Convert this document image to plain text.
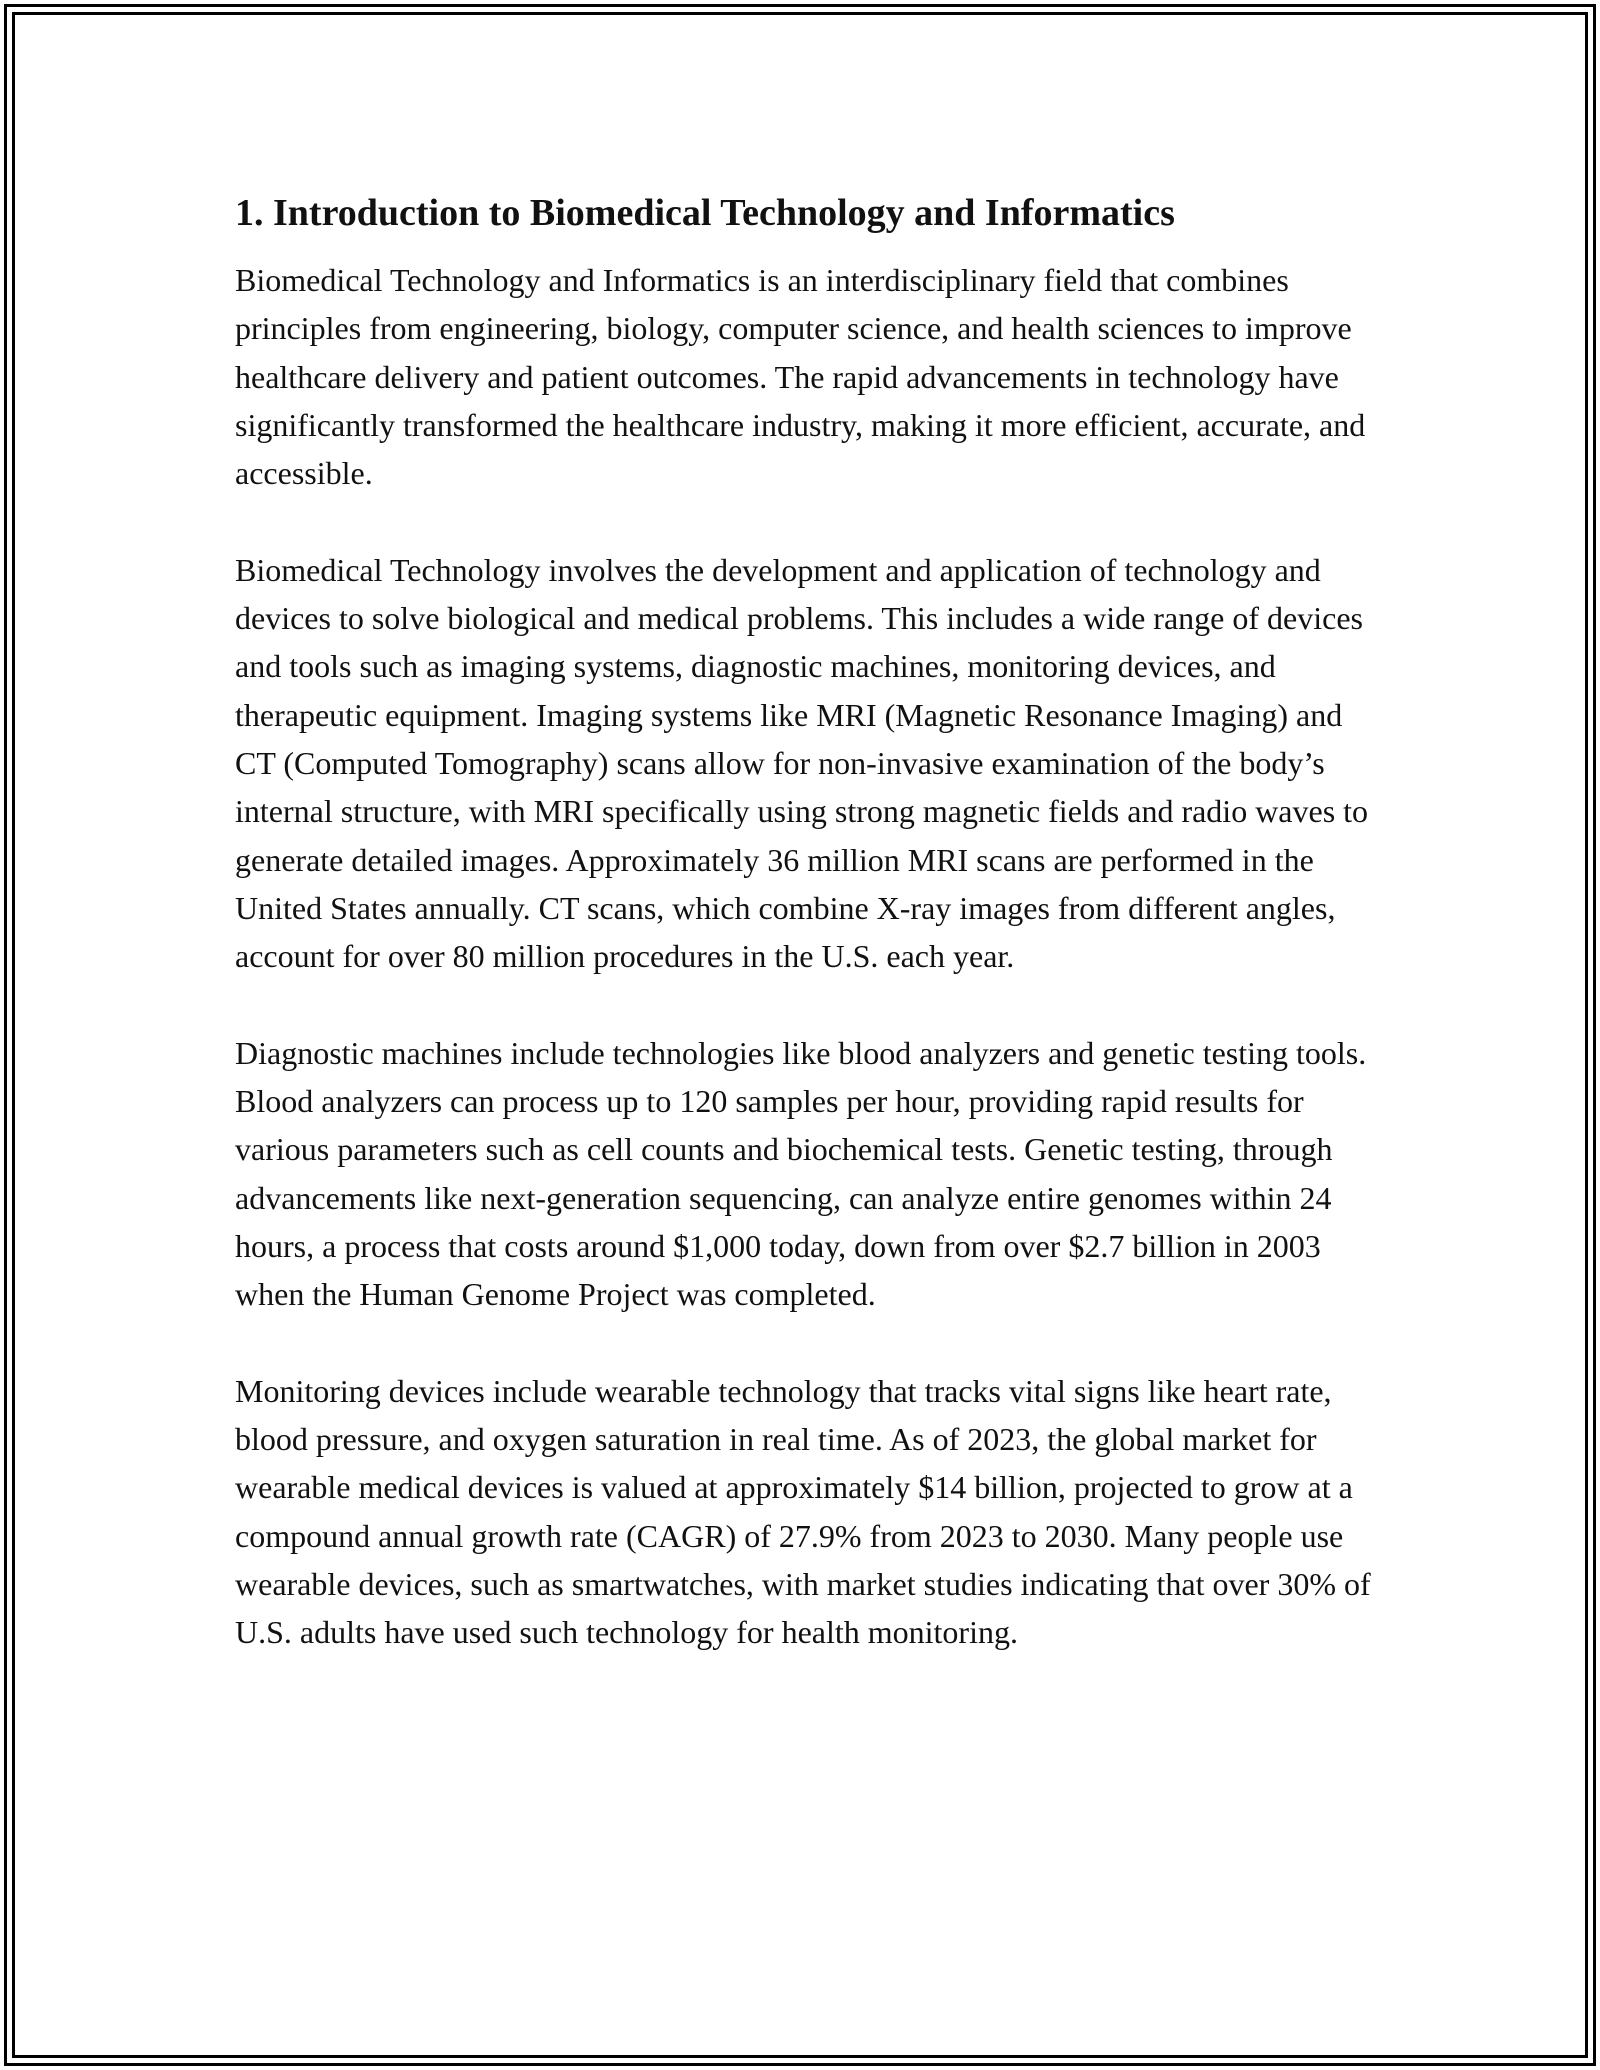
1. Introduction to Biomedical Technology and Informatics

Biomedical Technology and Informatics is an interdisciplinary field that combines principles from engineering, biology, computer science, and health sciences to improve healthcare delivery and patient outcomes. The rapid advancements in technology have significantly transformed the healthcare industry, making it more efficient, accurate, and accessible.

Biomedical Technology involves the development and application of technology and devices to solve biological and medical problems. This includes a wide range of devices and tools such as imaging systems, diagnostic machines, monitoring devices, and therapeutic equipment. Imaging systems like MRI (Magnetic Resonance Imaging) and CT (Computed Tomography) scans allow for non-invasive examination of the body’s internal structure, with MRI specifically using strong magnetic fields and radio waves to generate detailed images. Approximately 36 million MRI scans are performed in the United States annually. CT scans, which combine X-ray images from different angles, account for over 80 million procedures in the U.S. each year.

Diagnostic machines include technologies like blood analyzers and genetic testing tools. Blood analyzers can process up to 120 samples per hour, providing rapid results for various parameters such as cell counts and biochemical tests. Genetic testing, through advancements like next-generation sequencing, can analyze entire genomes within 24 hours, a process that costs around $1,000 today, down from over $2.7 billion in 2003 when the Human Genome Project was completed.

Monitoring devices include wearable technology that tracks vital signs like heart rate, blood pressure, and oxygen saturation in real time. As of 2023, the global market for wearable medical devices is valued at approximately $14 billion, projected to grow at a compound annual growth rate (CAGR) of 27.9% from 2023 to 2030. Many people use wearable devices, such as smartwatches, with market studies indicating that over 30% of U.S. adults have used such technology for health monitoring.
